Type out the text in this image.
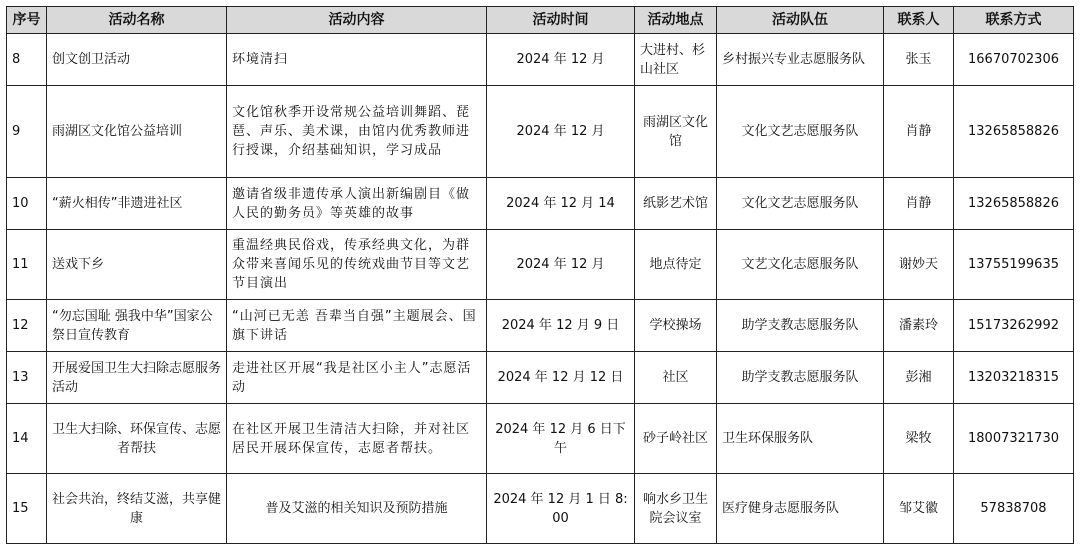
序号	活动名称	活动内容	活动时间	活动地点	活动队伍	联系人	联系方式
8	创文创卫活动	环境清扫	2024 年 12 月	大进村、杉山社区	乡村振兴专业志愿服务队	张玉	16670702306
9	雨湖区文化馆公益培训	文化馆秋季开设常规公益培训舞蹈、琵琶、声乐、美术课，由馆内优秀教师进行授课，介绍基础知识，学习成品	2024 年 12 月	雨湖区文化馆	文化文艺志愿服务队	肖静	13265858826
10	“薪火相传”非遗进社区	邀请省级非遗传承人演出新编剧目《做人民的勤务员》等英雄的故事	2024 年 12 月 14	纸影艺术馆	文化文艺志愿服务队	肖静	13265858826
11	送戏下乡	重温经典民俗戏，传承经典文化，为群众带来喜闻乐见的传统戏曲节目等文艺节目演出	2024 年 12 月	地点待定	文艺文化志愿服务队	谢妙天	13755199635
12	“勿忘国耻 强我中华”国家公祭日宣传教育	“山河已无恙 吾辈当自强”主题展会、国旗下讲话	2024 年 12 月 9 日	学校操场	助学支教志愿服务队	潘素玲	15173262992
13	开展爱国卫生大扫除志愿服务活动	走进社区开展“我是社区小主人”志愿活动	2024 年 12 月 12 日	社区	助学支教志愿服务队	彭湘	13203218315
14	卫生大扫除、环保宣传、志愿者帮扶	在社区开展卫生清洁大扫除，并对社区居民开展环保宣传，志愿者帮扶。	2024 年 12 月 6 日下午	砂子岭社区	卫生环保服务队	梁牧	18007321730
15	社会共治，终结艾滋，共享健康	普及艾滋的相关知识及预防措施	2024 年 12 月 1 日 8:00	响水乡卫生院会议室	医疗健身志愿服务队	邹艾徽	57838708
